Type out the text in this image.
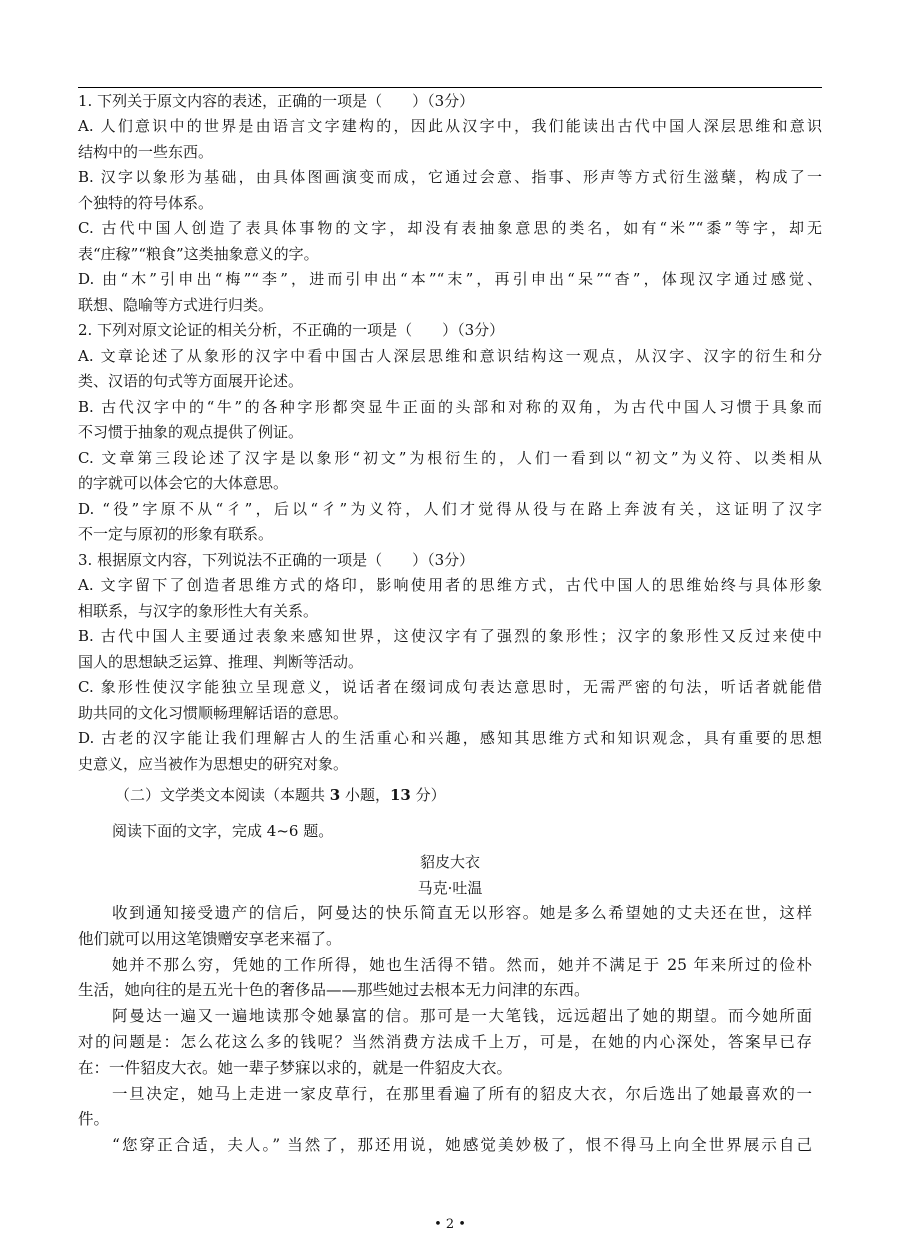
1. 下列关于原文内容的表述，正确的一项是（　　）（3分）
A. 人们意识中的世界是由语言文字建构的，因此从汉字中，我们能读出古代中国人深层思维和意识
结构中的一些东西。
B. 汉字以象形为基础，由具体图画演变而成，它通过会意、指事、形声等方式衍生滋蘖，构成了一
个独特的符号体系。
C. 古代中国人创造了表具体事物的文字，却没有表抽象意思的类名，如有“米”“黍”等字，却无
表“庄稼”“粮食”这类抽象意义的字。
D. 由“木”引申出“梅”“李”，进而引申出“本”“末”，再引申出“呆”“杳”，体现汉字通过感觉、
联想、隐喻等方式进行归类。
2. 下列对原文论证的相关分析，不正确的一项是（　　）（3分）
A. 文章论述了从象形的汉字中看中国古人深层思维和意识结构这一观点，从汉字、汉字的衍生和分
类、汉语的句式等方面展开论述。
B. 古代汉字中的“牛”的各种字形都突显牛正面的头部和对称的双角，为古代中国人习惯于具象而
不习惯于抽象的观点提供了例证。
C. 文章第三段论述了汉字是以象形“初文”为根衍生的，人们一看到以“初文”为义符、以类相从
的字就可以体会它的大体意思。
D. “役”字原不从“彳”，后以“彳”为义符，人们才觉得从役与在路上奔波有关，这证明了汉字
不一定与原初的形象有联系。
3. 根据原文内容，下列说法不正确的一项是（　　）（3分）
A. 文字留下了创造者思维方式的烙印，影响使用者的思维方式，古代中国人的思维始终与具体形象
相联系，与汉字的象形性大有关系。
B. 古代中国人主要通过表象来感知世界，这使汉字有了强烈的象形性；汉字的象形性又反过来使中
国人的思想缺乏运算、推理、判断等活动。
C. 象形性使汉字能独立呈现意义，说话者在缀词成句表达意思时，无需严密的句法，听话者就能借
助共同的文化习惯顺畅理解话语的意思。
D. 古老的汉字能让我们理解古人的生活重心和兴趣，感知其思维方式和知识观念，具有重要的思想
史意义，应当被作为思想史的研究对象。
（二）文学类文本阅读（本题共 3 小题，13 分）
阅读下面的文字，完成 4~6 题。
貂皮大衣
马克·吐温
收到通知接受遗产的信后，阿曼达的快乐简直无以形容。她是多么希望她的丈夫还在世，这样
他们就可以用这笔馈赠安享老来福了。
她并不那么穷，凭她的工作所得，她也生活得不错。然而，她并不满足于 25 年来所过的俭朴
生活，她向往的是五光十色的奢侈品——那些她过去根本无力问津的东西。
阿曼达一遍又一遍地读那令她暴富的信。那可是一大笔钱，远远超出了她的期望。而今她所面
对的问题是：怎么花这么多的钱呢？当然消费方法成千上万，可是，在她的内心深处，答案早已存
在：一件貂皮大衣。她一辈子梦寐以求的，就是一件貂皮大衣。
一旦决定，她马上走进一家皮草行，在那里看遍了所有的貂皮大衣，尔后选出了她最喜欢的一
件。
“您穿正合适，夫人。” 当然了，那还用说，她感觉美妙极了，恨不得马上向全世界展示自己
• 2 •
